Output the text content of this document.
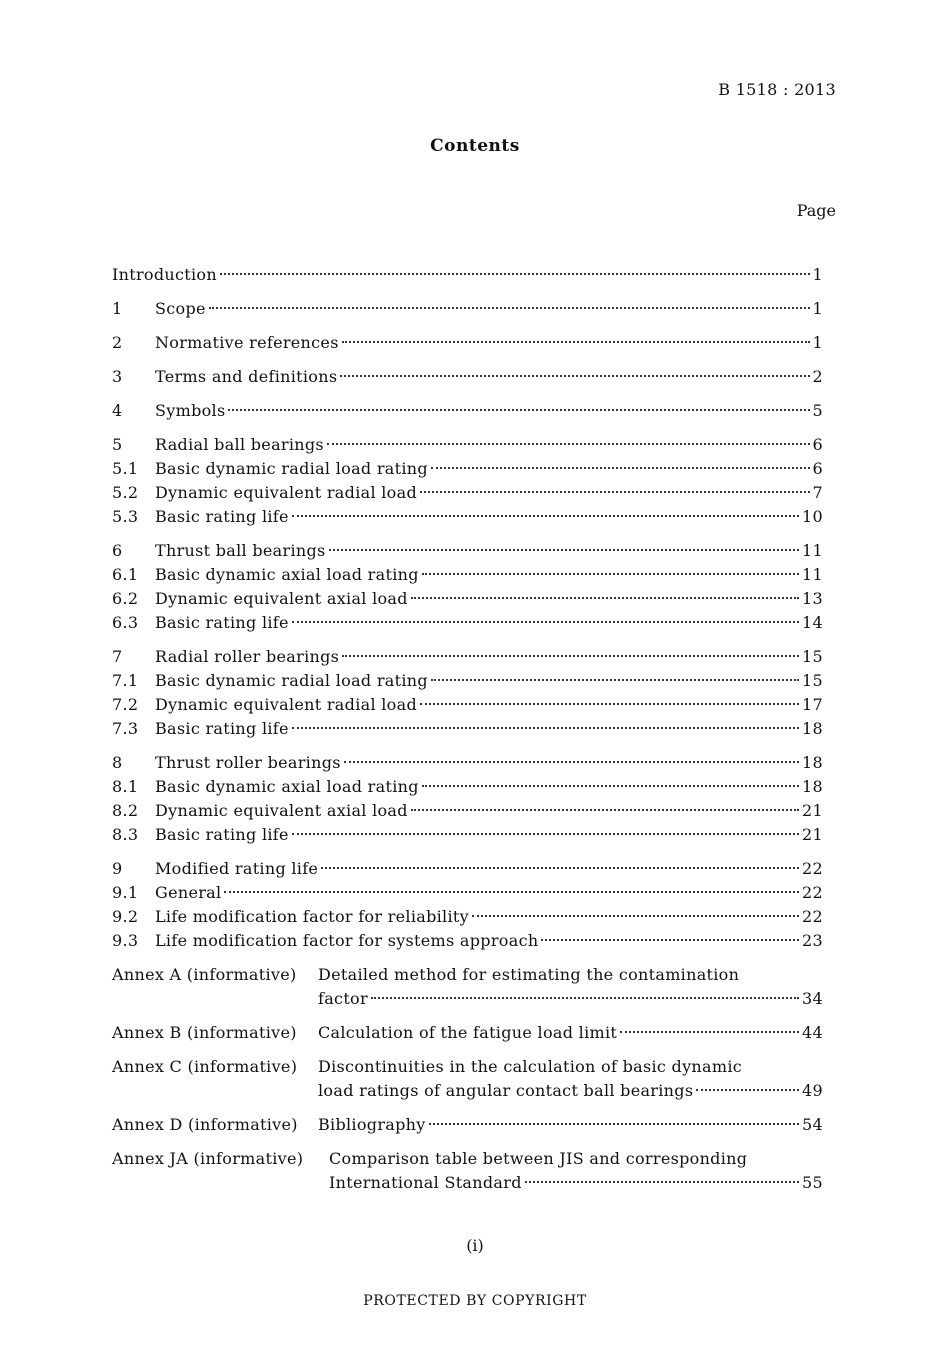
B 1518 : 2013
Contents
Page
Introduction	1
1	Scope	1
2	Normative references	1
3	Terms and definitions	2
4	Symbols	5
5	Radial ball bearings	6
5.1	Basic dynamic radial load rating	6
5.2	Dynamic equivalent radial load	7
5.3	Basic rating life	10
6	Thrust ball bearings	11
6.1	Basic dynamic axial load rating	11
6.2	Dynamic equivalent axial load	13
6.3	Basic rating life	14
7	Radial roller bearings	15
7.1	Basic dynamic radial load rating	15
7.2	Dynamic equivalent radial load	17
7.3	Basic rating life	18
8	Thrust roller bearings	18
8.1	Basic dynamic axial load rating	18
8.2	Dynamic equivalent axial load	21
8.3	Basic rating life	21
9	Modified rating life	22
9.1	General	22
9.2	Life modification factor for reliability	22
9.3	Life modification factor for systems approach	23
Annex A (informative)	Detailed method for estimating the contamination
factor	34
Annex B (informative)	Calculation of the fatigue load limit	44
Annex C (informative)	Discontinuities in the calculation of basic dynamic
load ratings of angular contact ball bearings	49
Annex D (informative)	Bibliography	54
Annex JA (informative)	Comparison table between JIS and corresponding
International Standard	55
(i)
PROTECTED BY COPYRIGHT
